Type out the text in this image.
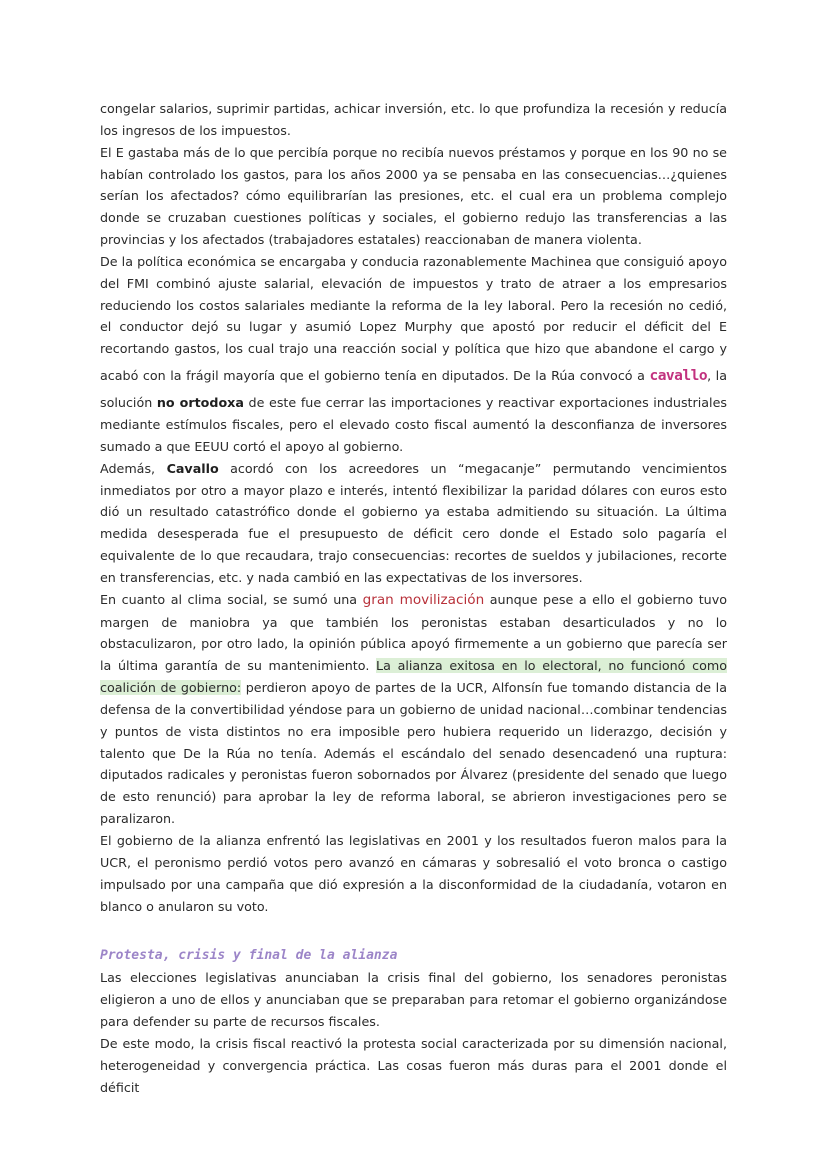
congelar salarios, suprimir partidas, achicar inversión, etc. lo que profundiza la recesión y reducía los ingresos de los impuestos.

El E gastaba más de lo que percibía porque no recibía nuevos préstamos y porque en los 90 no se habían controlado los gastos, para los años 2000 ya se pensaba en las consecuencias…¿quienes serían los afectados? cómo equilibrarían las presiones, etc. el cual era un problema complejo donde se cruzaban cuestiones políticas y sociales, el gobierno redujo las transferencias a las provincias y los afectados (trabajadores estatales) reaccionaban de manera violenta.

De la política económica se encargaba y conducia razonablemente Machinea que consiguió apoyo del FMI combinó ajuste salarial, elevación de impuestos y trato de atraer a los empresarios reduciendo los costos salariales mediante la reforma de la ley laboral. Pero la recesión no cedió, el conductor dejó su lugar y asumió Lopez Murphy que apostó por reducir el déficit del E recortando gastos, los cual trajo una reacción social y política que hizo que abandone el cargo y acabó con la frágil mayoría que el gobierno tenía en diputados. De la Rúa convocó a cavallo, la solución no ortodoxa de este fue cerrar las importaciones y reactivar exportaciones industriales mediante estímulos fiscales, pero el elevado costo fiscal aumentó la desconfianza de inversores sumado a que EEUU cortó el apoyo al gobierno.

Además, Cavallo acordó con los acreedores un “megacanje” permutando vencimientos inmediatos por otro a mayor plazo e interés, intentó flexibilizar la paridad dólares con euros esto dió un resultado catastrófico donde el gobierno ya estaba admitiendo su situación. La última medida desesperada fue el presupuesto de déficit cero donde el Estado solo pagaría el equivalente de lo que recaudara, trajo consecuencias: recortes de sueldos y jubilaciones, recorte en transferencias, etc. y nada cambió en las expectativas de los inversores.

En cuanto al clima social, se sumó una gran movilización aunque pese a ello el gobierno tuvo margen de maniobra ya que también los peronistas estaban desarticulados y no lo obstaculizaron, por otro lado, la opinión pública apoyó firmemente a un gobierno que parecía ser la última garantía de su mantenimiento. La alianza exitosa en lo electoral, no funcionó como coalición de gobierno: perdieron apoyo de partes de la UCR, Alfonsín fue tomando distancia de la defensa de la convertibilidad yéndose para un gobierno de unidad nacional…combinar tendencias y puntos de vista distintos no era imposible pero hubiera requerido un liderazgo, decisión y talento que De la Rúa no tenía. Además el escándalo del senado desencadenó una ruptura: diputados radicales y peronistas fueron sobornados por Álvarez (presidente del senado que luego de esto renunció) para aprobar la ley de reforma laboral, se abrieron investigaciones pero se paralizaron.

El gobierno de la alianza enfrentó las legislativas en 2001 y los resultados fueron malos para la UCR, el peronismo perdió votos pero avanzó en cámaras y sobresalió el voto bronca o castigo impulsado por una campaña que dió expresión a la disconformidad de la ciudadanía, votaron en blanco o anularon su voto.

Protesta, crisis y final de la alianza

Las elecciones legislativas anunciaban la crisis final del gobierno, los senadores peronistas eligieron a uno de ellos y anunciaban que se preparaban para retomar el gobierno organizándose para defender su parte de recursos fiscales.

De este modo, la crisis fiscal reactivó la protesta social caracterizada por su dimensión nacional, heterogeneidad y convergencia práctica. Las cosas fueron más duras para el 2001 donde el déficit
